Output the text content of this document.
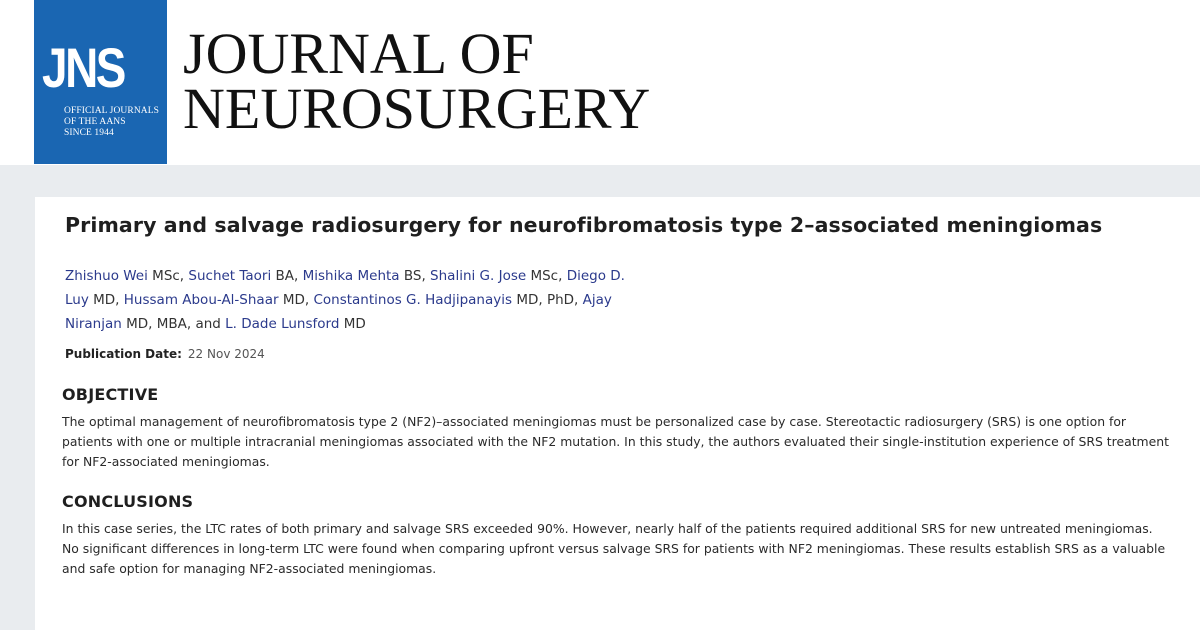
JNS
OFFICIAL JOURNALS
OF THE AANS
SINCE 1944
JOURNAL OF
NEUROSURGERY
Primary and salvage radiosurgery for neurofibromatosis type 2–associated meningiomas
Zhishuo Wei MSc, Suchet Taori BA, Mishika Mehta BS, Shalini G. Jose MSc, Diego D. Luy MD, Hussam Abou-Al-Shaar MD, Constantinos G. Hadjipanayis MD, PhD, Ajay Niranjan MD, MBA, and L. Dade Lunsford MD
Publication Date: 22 Nov 2024
OBJECTIVE

The optimal management of neurofibromatosis type 2 (NF2)–associated meningiomas must be personalized case by case. Stereotactic radiosurgery (SRS) is one option for patients with one or multiple intracranial meningiomas associated with the NF2 mutation. In this study, the authors evaluated their single-institution experience of SRS treatment for NF2-associated meningiomas.

CONCLUSIONS

In this case series, the LTC rates of both primary and salvage SRS exceeded 90%. However, nearly half of the patients required additional SRS for new untreated meningiomas. No significant differences in long-term LTC were found when comparing upfront versus salvage SRS for patients with NF2 meningiomas. These results establish SRS as a valuable and safe option for managing NF2-associated meningiomas.
